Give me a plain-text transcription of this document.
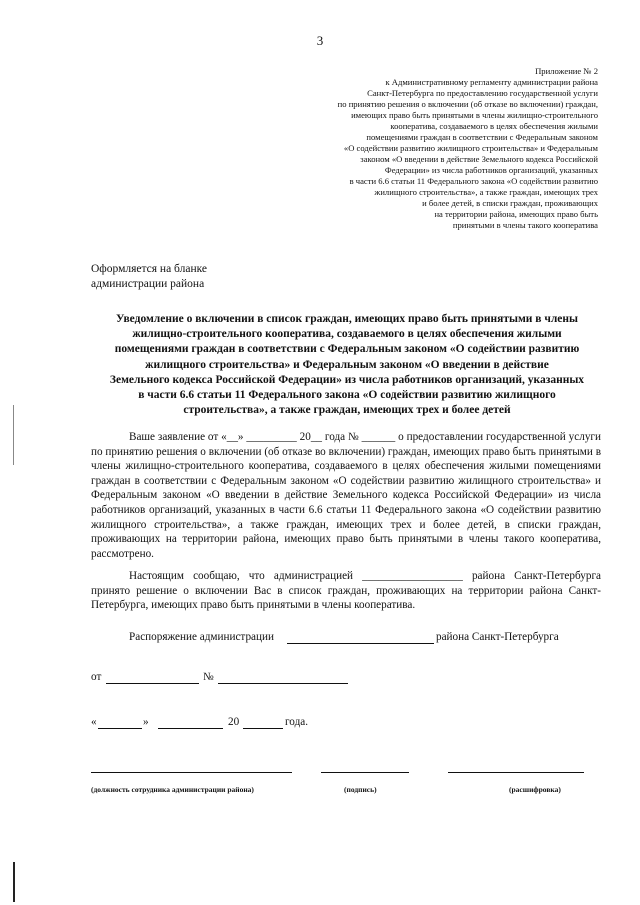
3
Приложение № 2
к Административному регламенту администрации района
Санкт-Петербурга по предоставлению государственной услуги
по принятию решения о включении (об отказе во включении) граждан,
имеющих право быть принятыми в члены жилищно-строительного
кооператива, создаваемого в целях обеспечения жилыми
помещениями граждан в соответствии с Федеральным законом
«О содействии развитию жилищного строительства» и Федеральным
законом «О введении в действие Земельного кодекса Российской
Федерации» из числа работников организаций, указанных
в части 6.6 статьи 11 Федерального закона «О содействии развитию
жилищного строительства», а также граждан, имеющих трех
и более детей, в списки граждан, проживающих
на территории района, имеющих право быть
принятыми в члены такого кооператива
Оформляется на бланке
администрации района
Уведомление о включении в список граждан, имеющих право быть принятыми в члены
жилищно-строительного кооператива, создаваемого в целях обеспечения жилыми
помещениями граждан в соответствии с Федеральным законом «О содействии развитию
жилищного строительства» и Федеральным законом «О введении в действие
Земельного кодекса Российской Федерации» из числа работников организаций, указанных
в части 6.6 статьи 11 Федерального закона «О содействии развитию жилищного
строительства», а также граждан, имеющих трех и более детей
Ваше заявление от «__» _________ 20__ года № ______ о предоставлении государственной услуги по принятию решения о включении (об отказе во включении) граждан, имеющих право быть принятыми в члены жилищно-строительного кооператива, создаваемого в целях обеспечения жилыми помещениями граждан в соответствии с Федеральным законом «О содействии развитию жилищного строительства» и Федеральным законом «О введении в действие Земельного кодекса Российской Федерации» из числа работников организаций, указанных в части 6.6 статьи 11 Федерального закона «О содействии развитию жилищного строительства», а также граждан, имеющих трех и более детей, в списки граждан, проживающих на территории района, имеющих право быть принятыми в члены такого кооператива, рассмотрено.
Настоящим сообщаю, что администрацией __________________ района Санкт-Петербурга принято решение о включении Вас в список граждан, проживающих на территории района Санкт-Петербурга, имеющих право быть принятыми в члены кооператива.
Распоряжение администрации	района Санкт-Петербурга
от	№
«	»	20	года.
(должность сотрудника администрации района)	(подпись)	(расшифровка)
